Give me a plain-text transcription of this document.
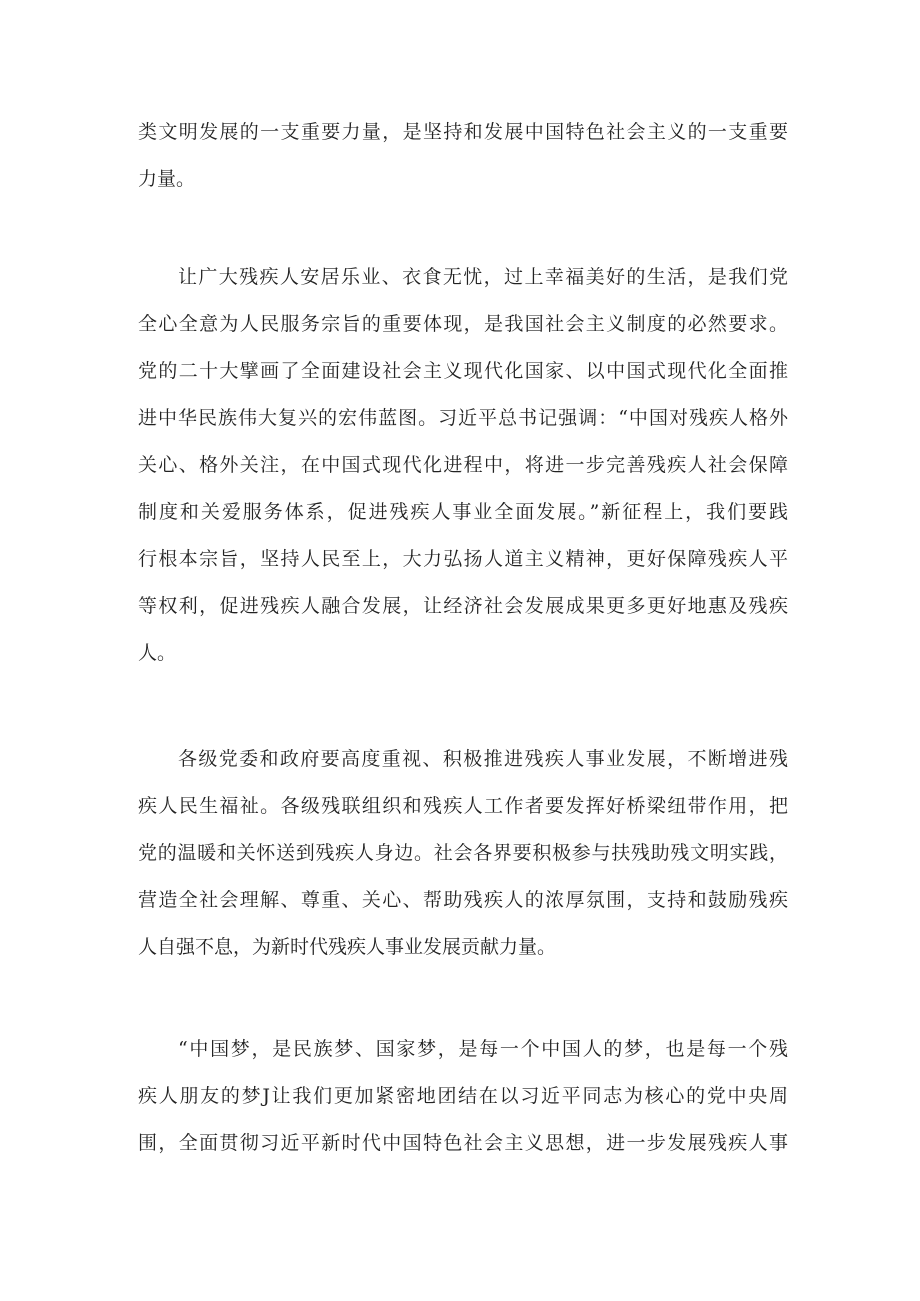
类文明发展的一支重要力量，是坚持和发展中国特色社会主义的一支重要
力量。
让广大残疾人安居乐业、衣食无忧，过上幸福美好的生活，是我们党
全心全意为人民服务宗旨的重要体现，是我国社会主义制度的必然要求。
党的二十大擘画了全面建设社会主义现代化国家、以中国式现代化全面推
进中华民族伟大复兴的宏伟蓝图。习近平总书记强调：“中国对残疾人格外
关心、格外关注，在中国式现代化进程中，将进一步完善残疾人社会保障
制度和关爱服务体系，促进残疾人事业全面发展。”新征程上，我们要践
行根本宗旨，坚持人民至上，大力弘扬人道主义精神，更好保障残疾人平
等权利，促进残疾人融合发展，让经济社会发展成果更多更好地惠及残疾
人。
各级党委和政府要高度重视、积极推进残疾人事业发展，不断增进残
疾人民生福祉。各级残联组织和残疾人工作者要发挥好桥梁纽带作用，把
党的温暖和关怀送到残疾人身边。社会各界要积极参与扶残助残文明实践，
营造全社会理解、尊重、关心、帮助残疾人的浓厚氛围，支持和鼓励残疾
人自强不息，为新时代残疾人事业发展贡献力量。
“中国梦，是民族梦、国家梦，是每一个中国人的梦，也是每一个残
疾人朋友的梦J让我们更加紧密地团结在以习近平同志为核心的党中央周
围，全面贯彻习近平新时代中国特色社会主义思想，进一步发展残疾人事
